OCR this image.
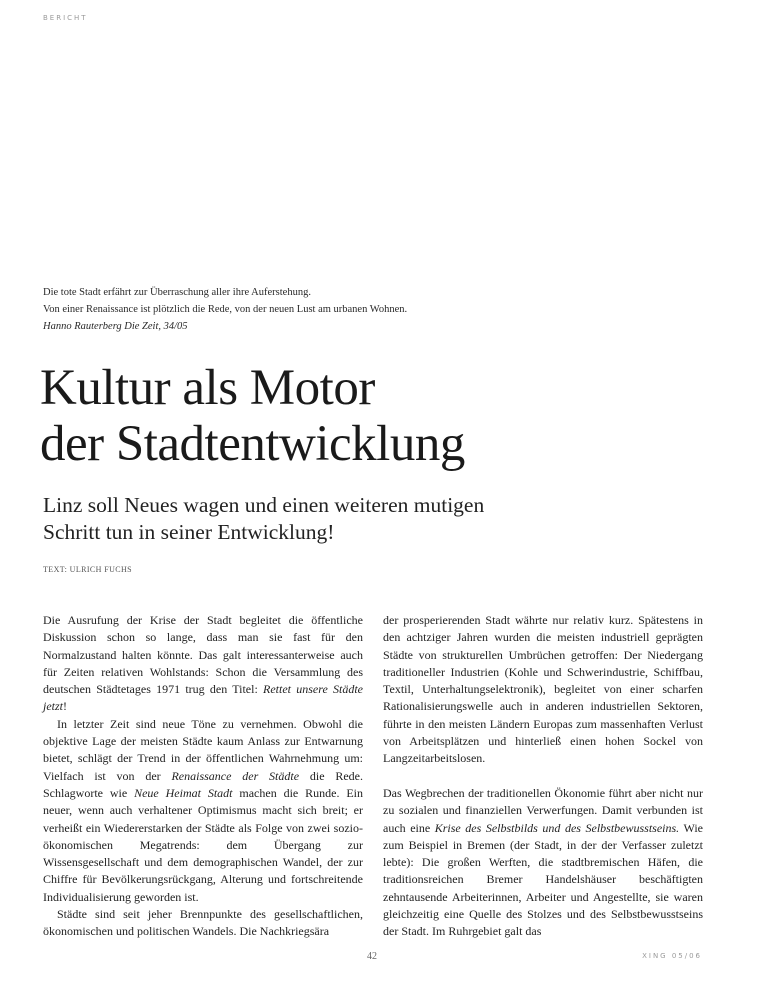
BERICHT
Die tote Stadt erfährt zur Überraschung aller ihre Auferstehung.
Von einer Renaissance ist plötzlich die Rede, von der neuen Lust am urbanen Wohnen.
Hanno Rauterberg Die Zeit, 34/05
Kultur als Motor
der Stadtentwicklung
Linz soll Neues wagen und einen weiteren mutigen
Schritt tun in seiner Entwicklung!
TEXT: ULRICH FUCHS

Die Ausrufung der Krise der Stadt begleitet die öffentliche Diskussion schon so lange, dass man sie fast für den Normalzustand halten könnte. Das galt interessanterweise auch für Zeiten relativen Wohlstands: Schon die Versammlung des deutschen Städtetages 1971 trug den Titel: Rettet unsere Städte jetzt!

In letzter Zeit sind neue Töne zu vernehmen. Obwohl die objektive Lage der meisten Städte kaum Anlass zur Entwarnung bietet, schlägt der Trend in der öffentlichen Wahrnehmung um: Vielfach ist von der Renaissance der Städte die Rede. Schlagworte wie Neue Heimat Stadt machen die Runde. Ein neuer, wenn auch verhaltener Optimismus macht sich breit; er verheißt ein Wiedererstarken der Städte als Folge von zwei sozio-ökonomischen Megatrends: dem Übergang zur Wissensgesellschaft und dem demographischen Wandel, der zur Chiffre für Bevölkerungsrückgang, Alterung und fortschreitende Individualisierung geworden ist.

Städte sind seit jeher Brennpunkte des gesellschaftlichen, ökonomischen und politischen Wandels. Die Nachkriegsära

der prosperierenden Stadt währte nur relativ kurz. Spätestens in den achtziger Jahren wurden die meisten industriell geprägten Städte von strukturellen Umbrüchen getroffen: Der Niedergang traditioneller Industrien (Kohle und Schwerindustrie, Schiffbau, Textil, Unterhaltungselektronik), begleitet von einer scharfen Rationalisierungswelle auch in anderen industriellen Sektoren, führte in den meisten Ländern Europas zum massenhaften Verlust von Arbeitsplätzen und hinterließ einen hohen Sockel von Langzeitarbeitslosen.

Das Wegbrechen der traditionellen Ökonomie führt aber nicht nur zu sozialen und finanziellen Verwerfungen. Damit verbunden ist auch eine Krise des Selbstbilds und des Selbstbewusstseins. Wie zum Beispiel in Bremen (der Stadt, in der der Verfasser zuletzt lebte): Die großen Werften, die stadtbremischen Häfen, die traditionsreichen Bremer Handelshäuser beschäftigten zehntausende Arbeiterinnen, Arbeiter und Angestellte, sie waren gleichzeitig eine Quelle des Stolzes und des Selbstbewusstseins der Stadt. Im Ruhrgebiet galt das

42	XING 05/06
